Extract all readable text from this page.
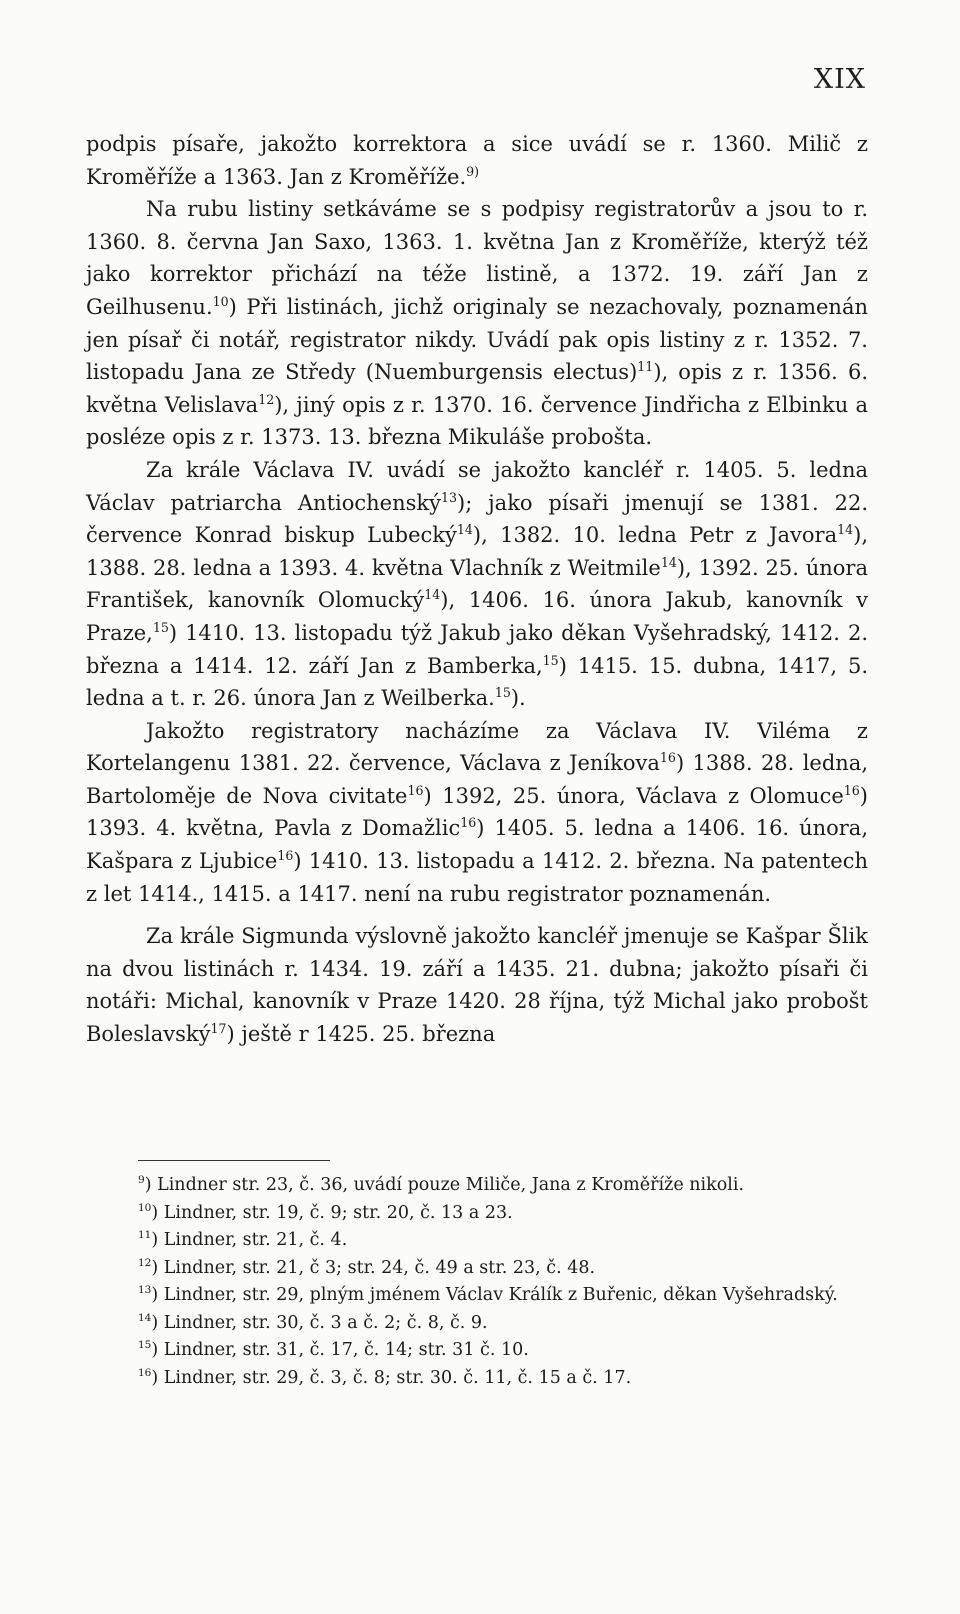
XIX

podpis písaře, jakožto korrektora a sice uvádí se r. 1360. Milič z Kroměříže a 1363. Jan z Kroměříže.$^{9)}$

Na rubu listiny setkáváme se s podpisy registratorův a jsou to r. 1360. 8. června Jan Saxo, 1363. 1. května Jan z Kroměříže, kterýž též jako korrektor přichází na téže listině, a 1372. 19. září Jan z Geilhusenu.$^{10}$) Při listinách, jichž originaly se nezachovaly, poznamenán jen písař či notář, registrator nikdy. Uvádí pak opis listiny z r. 1352. 7. listopadu Jana ze Středy (Nuemburgensis electus)$^{11}$), opis z r. 1356. 6. května Velislava$^{12}$), jiný opis z r. 1370. 16. července Jindřicha z Elbinku a posléze opis z r. 1373. 13. března Mikuláše probošta.

Za krále Václava IV. uvádí se jakožto kancléř r. 1405. 5. ledna Václav patriarcha Antiochenský$^{13}$); jako písaři jmenují se 1381. 22. července Konrad biskup Lubecký$^{14}$), 1382. 10. ledna Petr z Javora$^{14}$), 1388. 28. ledna a 1393. 4. května Vlachník z Weitmile$^{14}$), 1392. 25. února František, kanovník Olomucký$^{14}$), 1406. 16. února Jakub, kanovník v Praze,$^{15}$) 1410. 13. listopadu týž Jakub jako děkan Vyšehradský, 1412. 2. března a 1414. 12. září Jan z Bamberka,$^{15}$) 1415. 15. dubna, 1417, 5. ledna a t. r. 26. února Jan z Weilberka.$^{15}$).

Jakožto registratory nacházíme za Václava IV. Viléma z Kortelangenu 1381. 22. července, Václava z Jeníkova$^{16}$) 1388. 28. ledna, Bartoloměje de Nova civitate$^{16}$) 1392, 25. února, Václava z Olomuce$^{16}$) 1393. 4. května, Pavla z Domažlic$^{16}$) 1405. 5. ledna a 1406. 16. února, Kašpara z Ljubice$^{16}$) 1410. 13. listopadu a 1412. 2. března. Na patentech z let 1414., 1415. a 1417. není na rubu registrator poznamenán.

Za krále Sigmunda výslovně jakožto kancléř jmenuje se Kašpar Šlik na dvou listinách r. 1434. 19. září a 1435. 21. dubna; jakožto písaři či notáři: Michal, kanovník v Praze 1420. 28 října, týž Michal jako probošt Boleslavský$^{17}$) ještě r 1425. 25. března

$^9$) Lindner str. 23, č. 36, uvádí pouze Miliče, Jana z Kroměříže nikoli.

$^{10}$) Lindner, str. 19, č. 9; str. 20, č. 13 a 23.

$^{11}$) Lindner, str. 21, č. 4.

$^{12}$) Lindner, str. 21, č 3; str. 24, č. 49 a str. 23, č. 48.

$^{13}$) Lindner, str. 29, plným jménem Václav Králík z Buřenic, děkan Vyšehradský.

$^{14}$) Lindner, str. 30, č. 3 a č. 2; č. 8, č. 9.

$^{15}$) Lindner, str. 31, č. 17, č. 14; str. 31 č. 10.

$^{16}$) Lindner, str. 29, č. 3, č. 8; str. 30. č. 11, č. 15 a č. 17.
